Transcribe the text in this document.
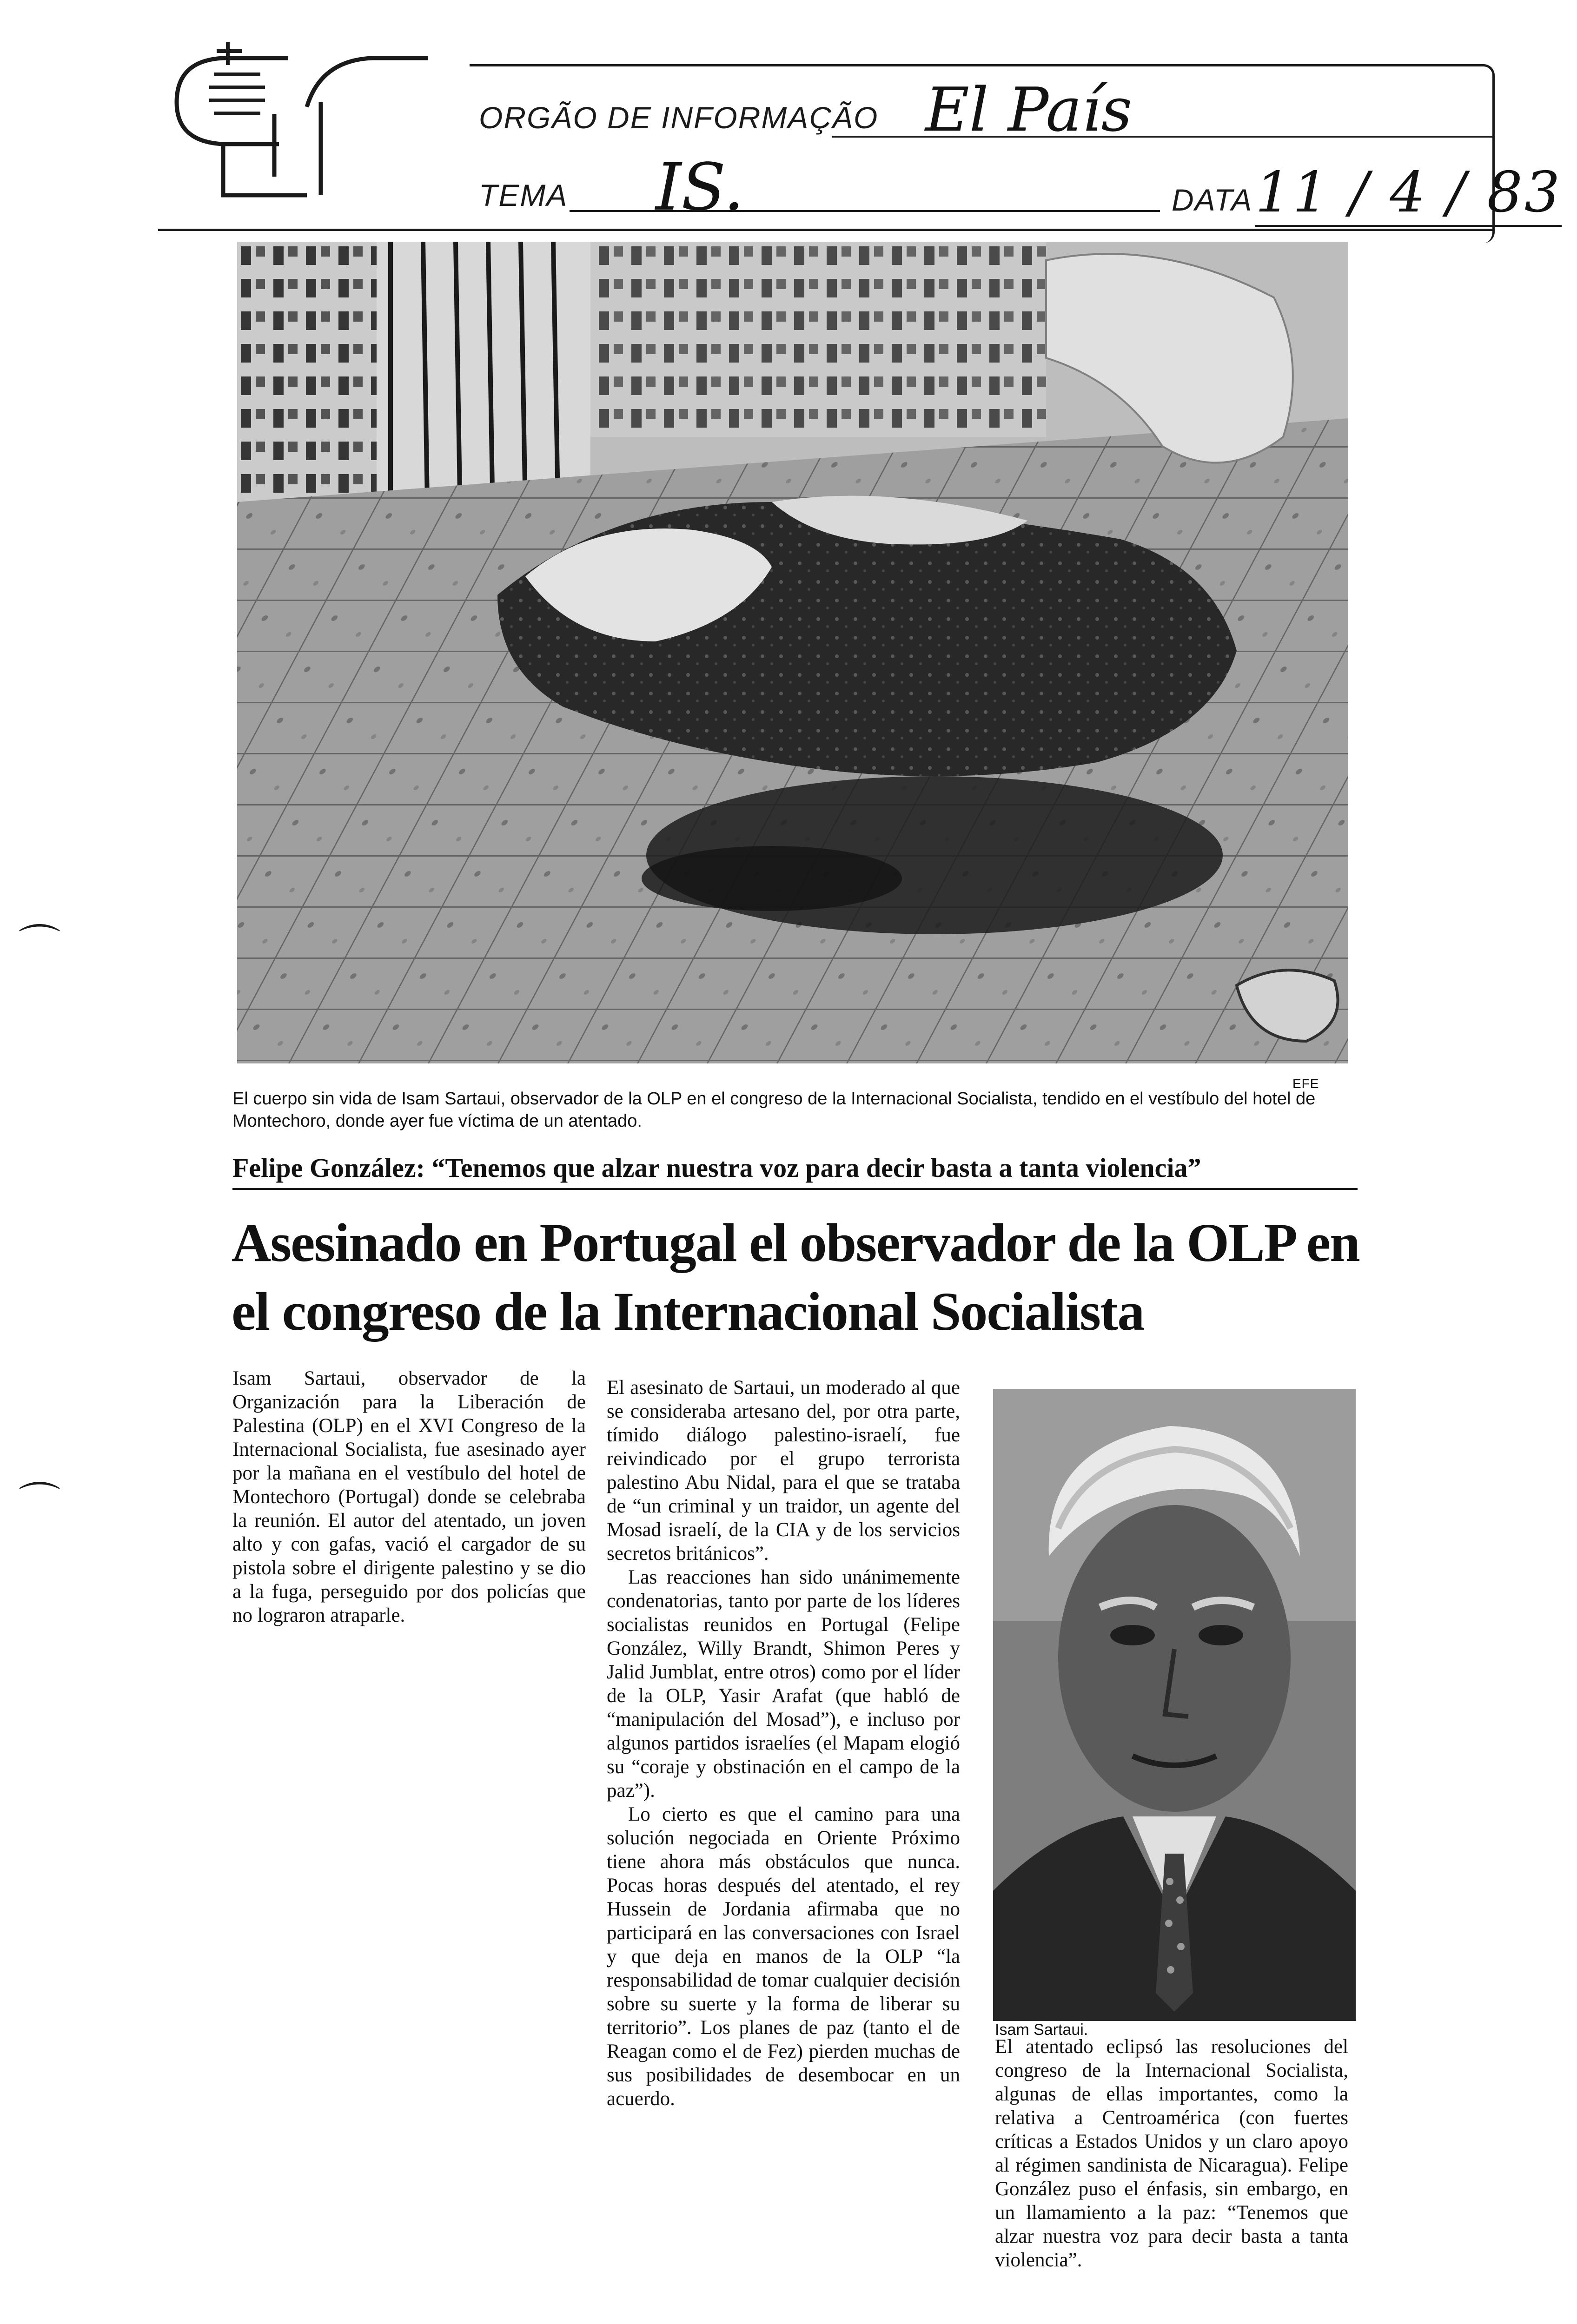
ORGÃO DE INFORMAÇÃO El País
TEMA IS.	DATA 11 / 4 / 83
EFE
El cuerpo sin vida de Isam Sartaui, observador de la OLP en el congreso de la Internacional Socialista, tendido en el vestíbulo del hotel de Montechoro, donde ayer fue víctima de un atentado.
Felipe González: “Tenemos que alzar nuestra voz para decir basta a tanta violencia”
Asesinado en Portugal el observador de la OLP en el congreso de la Internacional Socialista

Isam Sartaui, observador de la Organización para la Liberación de Palestina (OLP) en el XVI Congreso de la Internacional Socialista, fue asesinado ayer por la mañana en el vestíbulo del hotel de Montechoro (Portugal) donde se celebraba la reunión. El autor del atentado, un joven alto y con gafas, vació el cargador de su pistola sobre el dirigente palestino y se dio a la fuga, perseguido por dos policías que no lograron atraparle.

El asesinato de Sartaui, un moderado al que se consideraba artesano del, por otra parte, tímido diálogo palestino-israelí, fue reivindicado por el grupo terrorista palestino Abu Nidal, para el que se trataba de “un criminal y un traidor, un agente del Mosad israelí, de la CIA y de los servicios secretos británicos”.

Las reacciones han sido unánimemente condenatorias, tanto por parte de los líderes socialistas reunidos en Portugal (Felipe González, Willy Brandt, Shimon Peres y Jalid Jumblat, entre otros) como por el líder de la OLP, Yasir Arafat (que habló de “manipulación del Mosad”), e incluso por algunos partidos israelíes (el Mapam elogió su “coraje y obstinación en el campo de la paz”).

Lo cierto es que el camino para una solución negociada en Oriente Próximo tiene ahora más obstáculos que nunca. Pocas horas después del atentado, el rey Hussein de Jordania afirmaba que no participará en las conversaciones con Israel y que deja en manos de la OLP “la responsabilidad de tomar cualquier decisión sobre su suerte y la forma de liberar su territorio”. Los planes de paz (tanto el de Reagan como el de Fez) pierden muchas de sus posibilidades de desembocar en un acuerdo.

Isam Sartaui.

El atentado eclipsó las resoluciones del congreso de la Internacional Socialista, algunas de ellas importantes, como la relativa a Centroamérica (con fuertes críticas a Estados Unidos y un claro apoyo al régimen sandinista de Nicaragua). Felipe González puso el énfasis, sin embargo, en un llamamiento a la paz: “Tenemos que alzar nuestra voz para decir basta a tanta violencia”.

⌒
⌒
